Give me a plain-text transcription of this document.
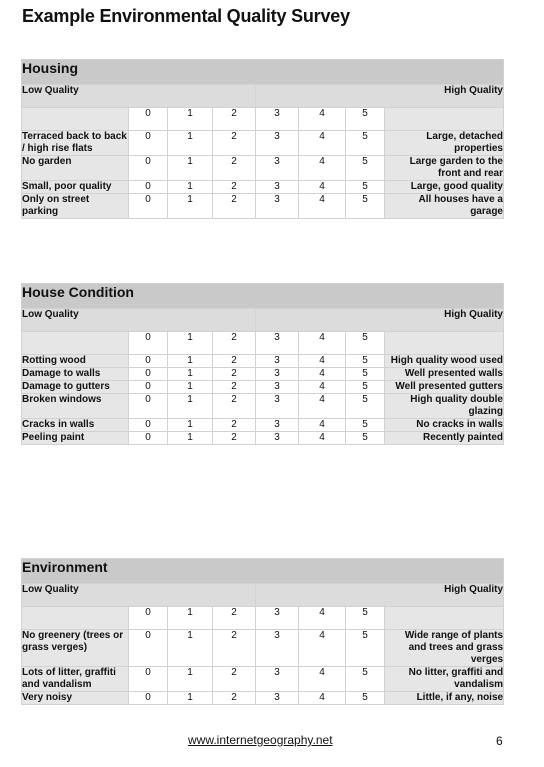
Example Environmental Quality Survey
Housing							
Low Quality				High Quality			
	0	1	2	3	4	5	
Terraced back to back / high rise flats	0	1	2	3	4	5	Large, detached properties
No garden	0	1	2	3	4	5	Large garden to the front and rear
Small, poor quality	0	1	2	3	4	5	Large, good quality
Only on street parking	0	1	2	3	4	5	All houses have a garage
House Condition							
Low Quality				High Quality			
	0	1	2	3	4	5	
Rotting wood	0	1	2	3	4	5	High quality wood used
Damage to walls	0	1	2	3	4	5	Well presented walls
Damage to gutters	0	1	2	3	4	5	Well presented gutters
Broken windows	0	1	2	3	4	5	High quality double glazing
Cracks in walls	0	1	2	3	4	5	No cracks in walls
Peeling paint	0	1	2	3	4	5	Recently painted
Environment							
Low Quality				High Quality			
	0	1	2	3	4	5	
No greenery (trees or grass verges)	0	1	2	3	4	5	Wide range of plants and trees and grass verges
Lots of litter, graffiti and vandalism	0	1	2	3	4	5	No litter, graffiti and vandalism
Very noisy	0	1	2	3	4	5	Little, if any, noise
www.internetgeography.net	6
